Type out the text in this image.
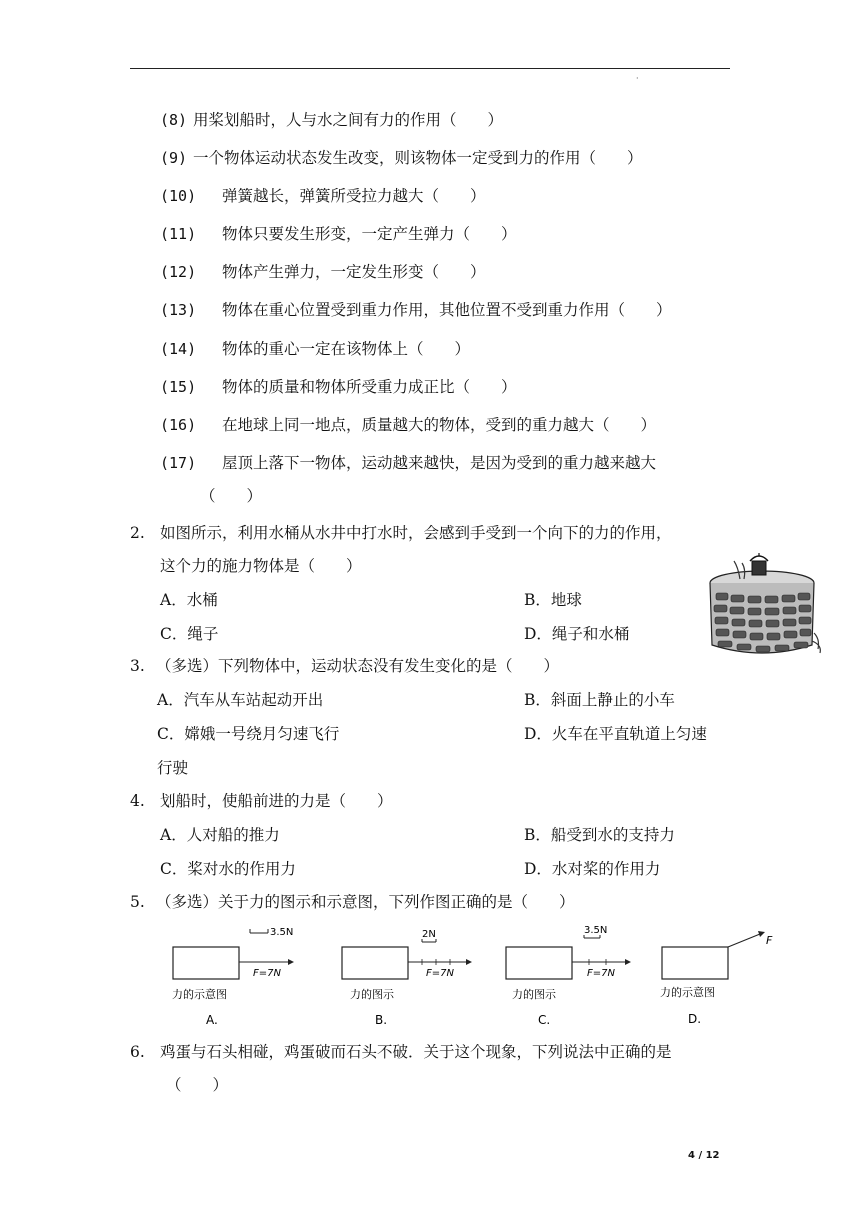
·
(8) 用桨划船时，人与水之间有力的作用（　　）
(9) 一个物体运动状态发生改变，则该物体一定受到力的作用（　　）
(10) 弹簧越长，弹簧所受拉力越大（　　）
(11) 物体只要发生形变，一定产生弹力（　　）
(12) 物体产生弹力，一定发生形变（　　）
(13) 物体在重心位置受到重力作用，其他位置不受到重力作用（　　）
(14) 物体的重心一定在该物体上（　　）
(15) 物体的质量和物体所受重力成正比（　　）
(16) 在地球上同一地点，质量越大的物体，受到的重力越大（　　）
(17) 屋顶上落下一物体，运动越来越快，是因为受到的重力越来越大
（　　）
2. 如图所示，利用水桶从水井中打水时，会感到手受到一个向下的力的作用，
这个力的施力物体是（　　）
A．水桶	B．地球
C．绳子	D．绳子和水桶
3. （多选）下列物体中，运动状态没有发生变化的是（　　）
A．汽车从车站起动开出	B．斜面上静止的小车
C．嫦娥一号绕月匀速飞行	D．火车在平直轨道上匀速
行驶
4. 划船时，使船前进的力是（　　）
A．人对船的推力	B．船受到水的支持力
C．桨对水的作用力	D．水对桨的作用力
5. （多选）关于力的图示和示意图，下列作图正确的是（　　）
3.5N
F=7N
力的示意图
A.
2N
F=7N
力的图示
B.
3.5N
F=7N
力的图示
C.
F
力的示意图
D.
6. 鸡蛋与石头相碰，鸡蛋破而石头不破．关于这个现象，下列说法中正确的是
（　　）
4 / 12
